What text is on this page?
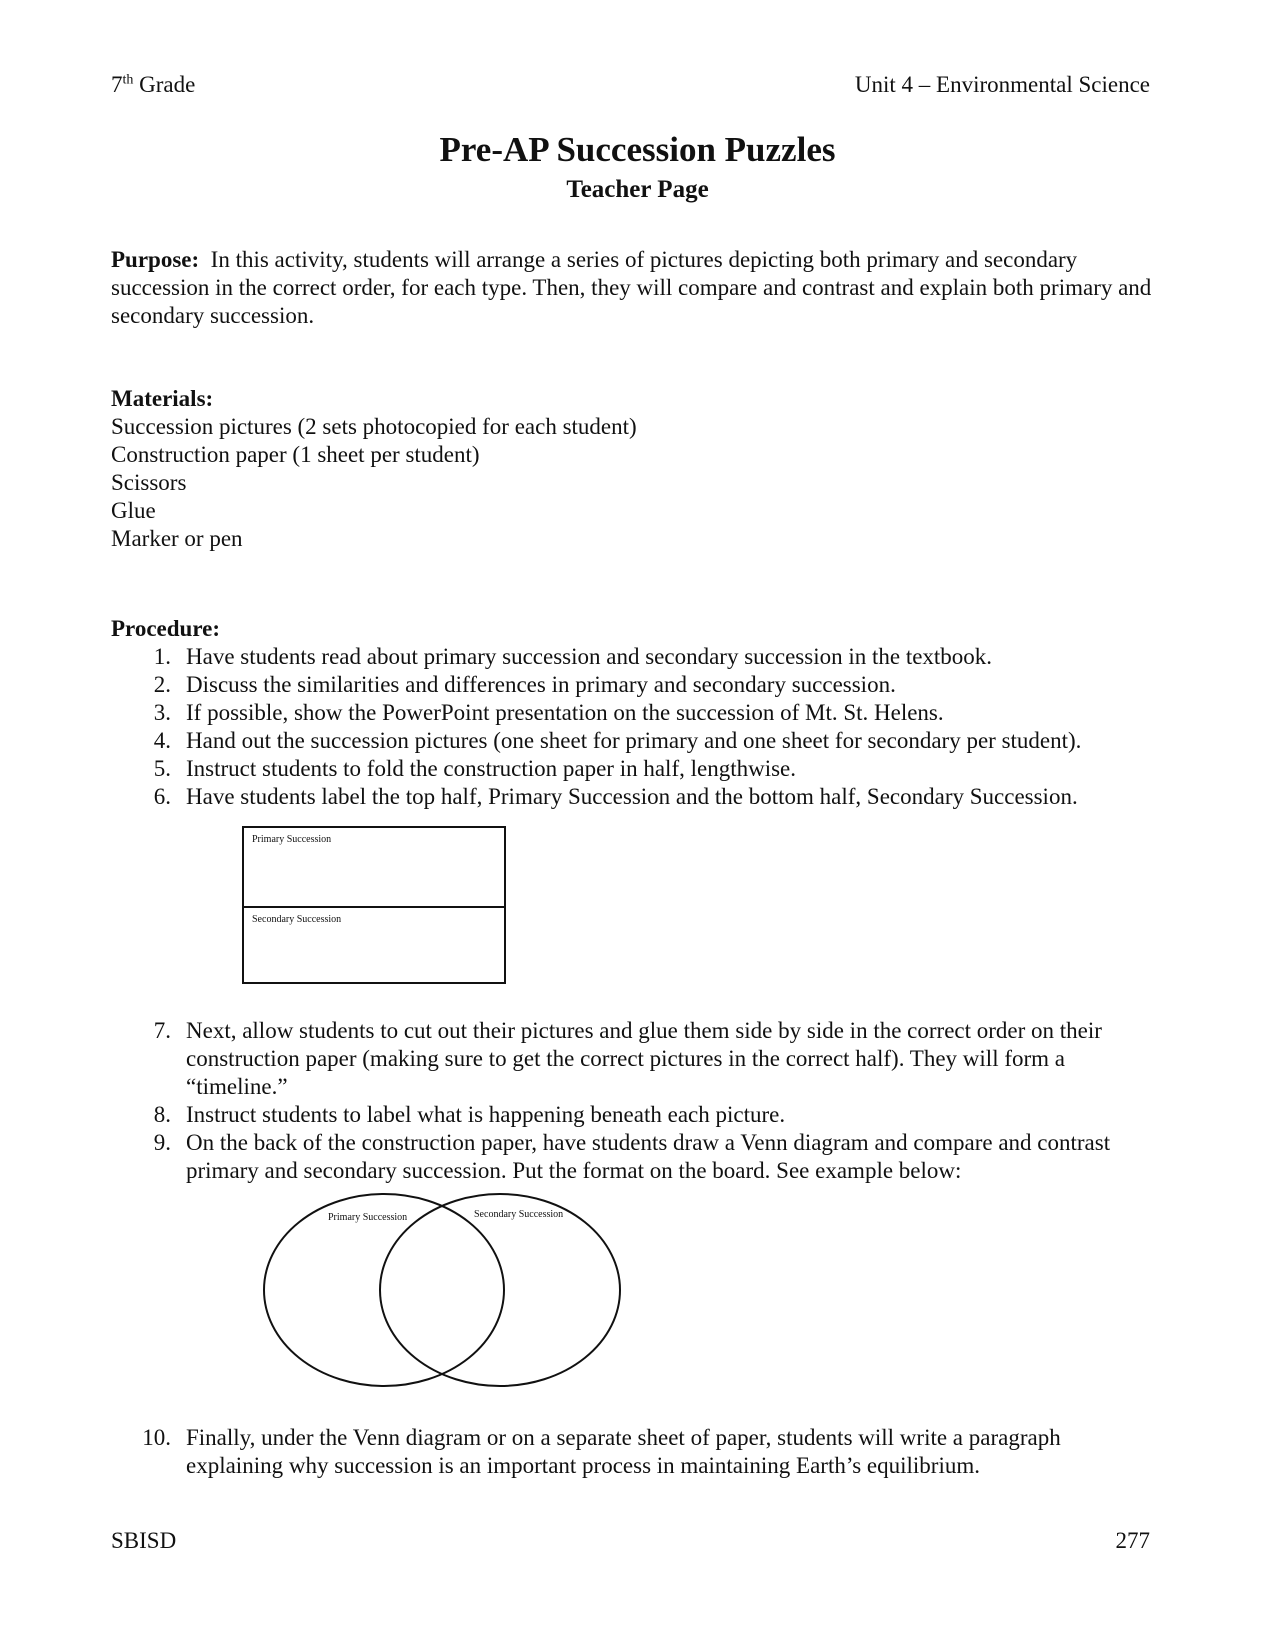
7th Grade	Unit 4 – Environmental Science
Pre-AP Succession Puzzles
Teacher Page
Purpose: In this activity, students will arrange a series of pictures depicting both primary and secondary succession in the correct order, for each type. Then, they will compare and contrast and explain both primary and secondary succession.
Materials:
Succession pictures (2 sets photocopied for each student)
Construction paper (1 sheet per student)
Scissors
Glue
Marker or pen
Procedure:
1. Have students read about primary succession and secondary succession in the textbook.
2. Discuss the similarities and differences in primary and secondary succession.
3. If possible, show the PowerPoint presentation on the succession of Mt. St. Helens.
4. Hand out the succession pictures (one sheet for primary and one sheet for secondary per student).
5. Instruct students to fold the construction paper in half, lengthwise.
6. Have students label the top half, Primary Succession and the bottom half, Secondary Succession.
Primary Succession
Secondary Succession
7. Next, allow students to cut out their pictures and glue them side by side in the correct order on their construction paper (making sure to get the correct pictures in the correct half). They will form a “timeline.”
8. Instruct students to label what is happening beneath each picture.
9. On the back of the construction paper, have students draw a Venn diagram and compare and contrast primary and secondary succession. Put the format on the board. See example below:
Primary Succession	Secondary Succession
10. Finally, under the Venn diagram or on a separate sheet of paper, students will write a paragraph explaining why succession is an important process in maintaining Earth’s equilibrium.
SBISD	277
